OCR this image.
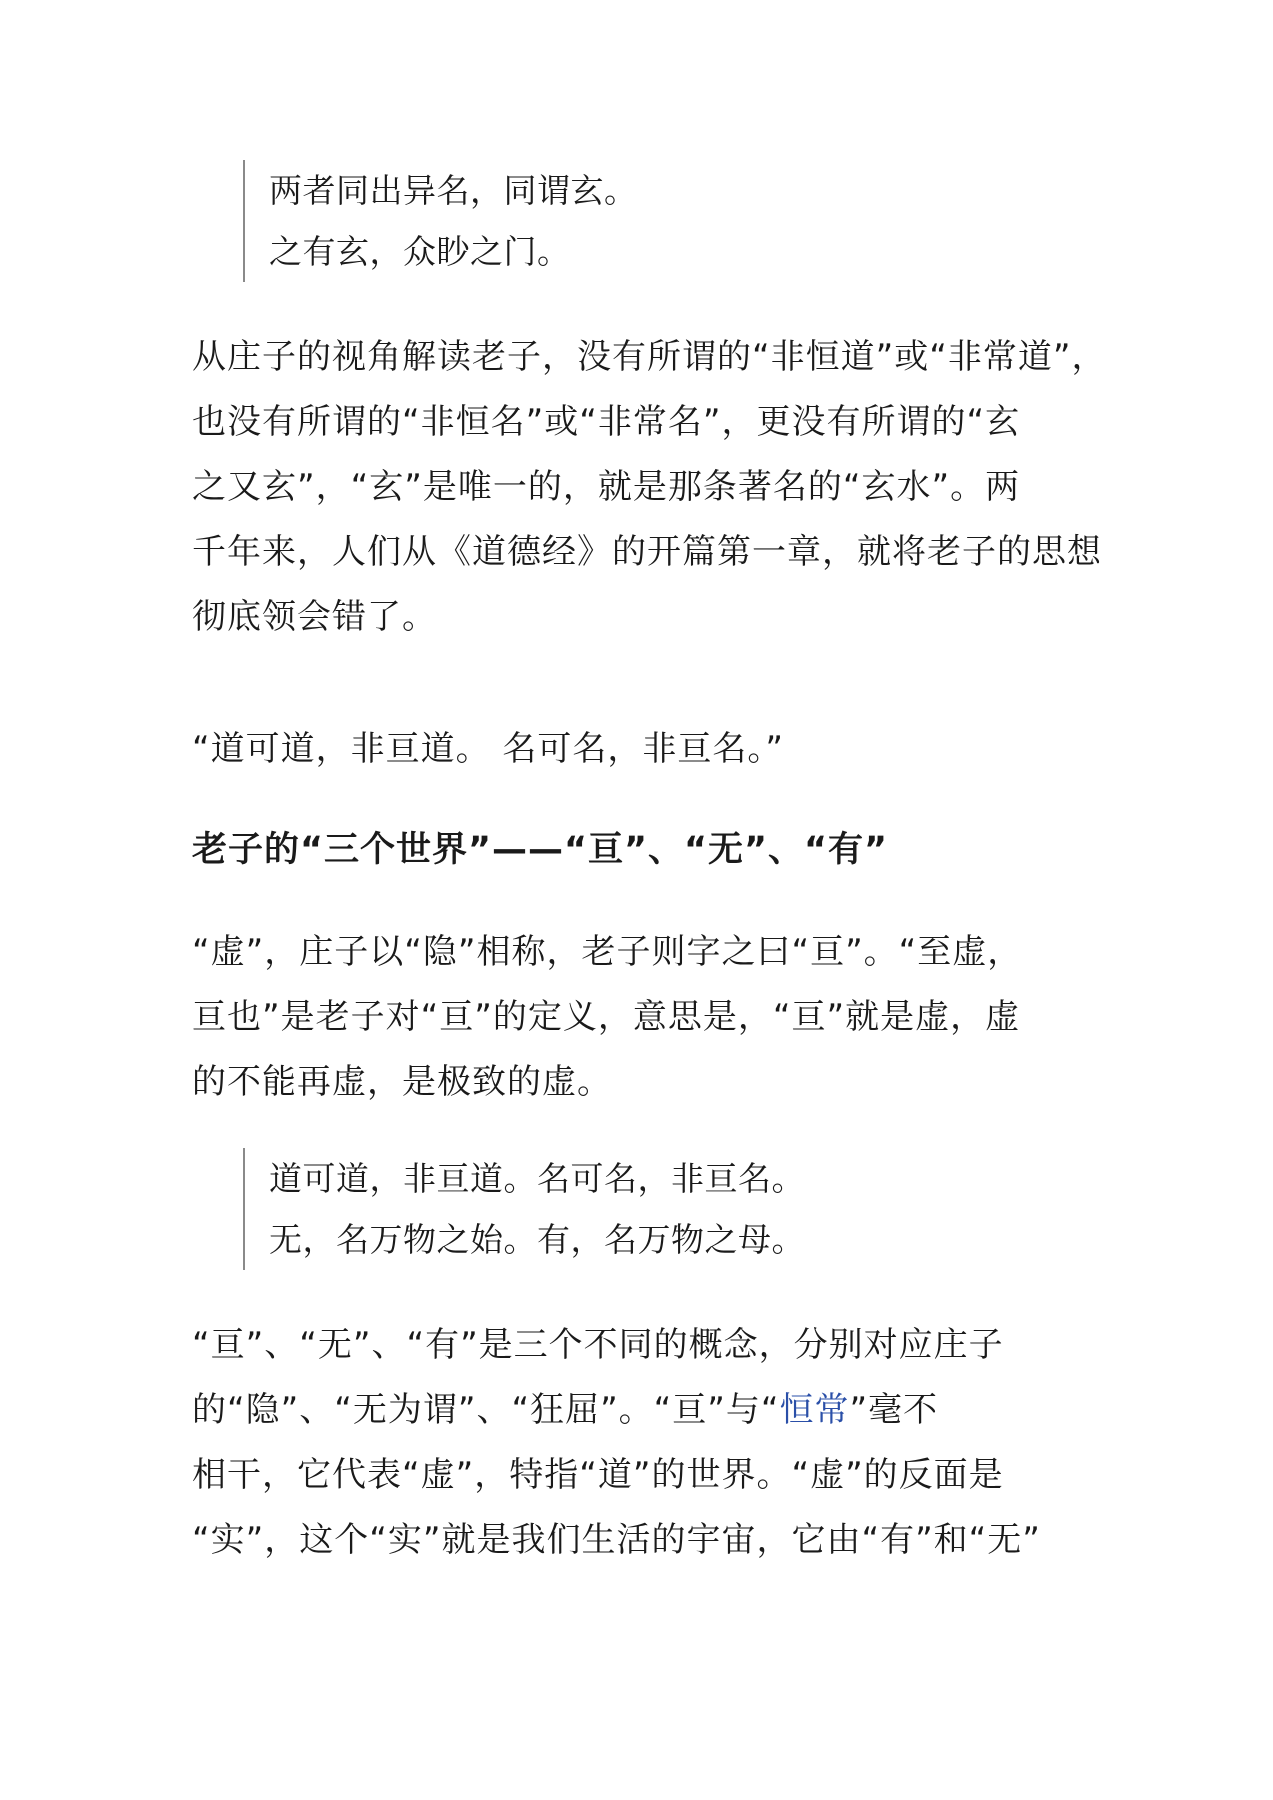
两者同出异名，同谓玄。
之有玄，众眇之门。
从庄子的视角解读老子，没有所谓的“非恒道”或“非常道”，
也没有所谓的“非恒名”或“非常名”，更没有所谓的“玄
之又玄”，“玄”是唯一的，就是那条著名的“玄水”。两
千年来，人们从《道德经》的开篇第一章，就将老子的思想
彻底领会错了。
“道可道，非亘道。 名可名，非亘名。”
老子的“三个世界”——“亘”、“无”、“有”
“虚”，庄子以“隐”相称，老子则字之曰“亘”。“至虚，
亘也”是老子对“亘”的定义，意思是，“亘”就是虚，虚
的不能再虚，是极致的虚。
道可道，非亘道。名可名，非亘名。
无，名万物之始。有，名万物之母。
“亘”、“无”、“有”是三个不同的概念，分别对应庄子
的“隐”、“无为谓”、“狂屈”。“亘”与“恒常”毫不
相干，它代表“虚”，特指“道”的世界。“虚”的反面是
“实”，这个“实”就是我们生活的宇宙，它由“有”和“无”
